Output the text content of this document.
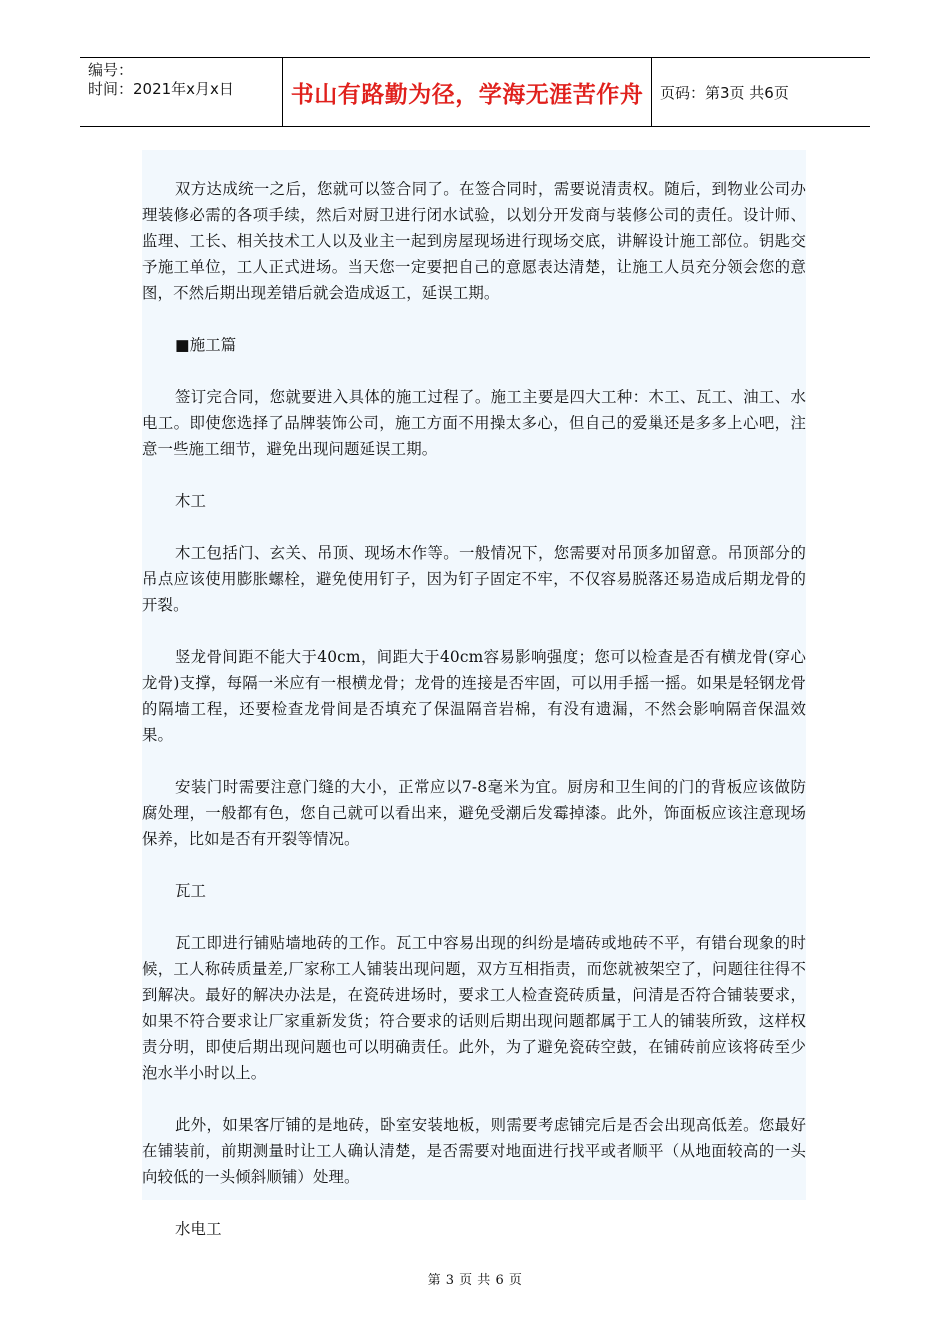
编号：
时间：2021年x月x日	书山有路勤为径，学海无涯苦作舟	页码：第3页 共6页

双方达成统一之后，您就可以签合同了。在签合同时，需要说清责权。随后，到物业公司办理装修必需的各项手续，然后对厨卫进行闭水试验，以划分开发商与装修公司的责任。设计师、监理、工长、相关技术工人以及业主一起到房屋现场进行现场交底，讲解设计施工部位。钥匙交予施工单位，工人正式进场。当天您一定要把自己的意愿表达清楚，让施工人员充分领会您的意图，不然后期出现差错后就会造成返工，延误工期。

■施工篇

签订完合同，您就要进入具体的施工过程了。施工主要是四大工种：木工、瓦工、油工、水电工。即使您选择了品牌装饰公司，施工方面不用操太多心，但自己的爱巢还是多多上心吧，注意一些施工细节，避免出现问题延误工期。

木工

木工包括门、玄关、吊顶、现场木作等。一般情况下，您需要对吊顶多加留意。吊顶部分的吊点应该使用膨胀螺栓，避免使用钉子，因为钉子固定不牢，不仅容易脱落还易造成后期龙骨的开裂。

竖龙骨间距不能大于40cm，间距大于40cm容易影响强度；您可以检查是否有横龙骨(穿心龙骨)支撑，每隔一米应有一根横龙骨；龙骨的连接是否牢固，可以用手摇一摇。如果是轻钢龙骨的隔墙工程，还要检查龙骨间是否填充了保温隔音岩棉，有没有遗漏，不然会影响隔音保温效果。

安装门时需要注意门缝的大小，正常应以7-8毫米为宜。厨房和卫生间的门的背板应该做防腐处理，一般都有色，您自己就可以看出来，避免受潮后发霉掉漆。此外，饰面板应该注意现场保养，比如是否有开裂等情况。

瓦工

瓦工即进行铺贴墙地砖的工作。瓦工中容易出现的纠纷是墙砖或地砖不平，有错台现象的时候，工人称砖质量差,厂家称工人铺装出现问题，双方互相指责，而您就被架空了，问题往往得不到解决。最好的解决办法是，在瓷砖进场时，要求工人检查瓷砖质量，问清是否符合铺装要求，如果不符合要求让厂家重新发货；符合要求的话则后期出现问题都属于工人的铺装所致，这样权责分明，即使后期出现问题也可以明确责任。此外，为了避免瓷砖空鼓，在铺砖前应该将砖至少泡水半小时以上。

此外，如果客厅铺的是地砖，卧室安装地板，则需要考虑铺完后是否会出现高低差。您最好在铺装前，前期测量时让工人确认清楚，是否需要对地面进行找平或者顺平（从地面较高的一头向较低的一头倾斜顺铺）处理。

水电工

第 3 页 共 6 页
